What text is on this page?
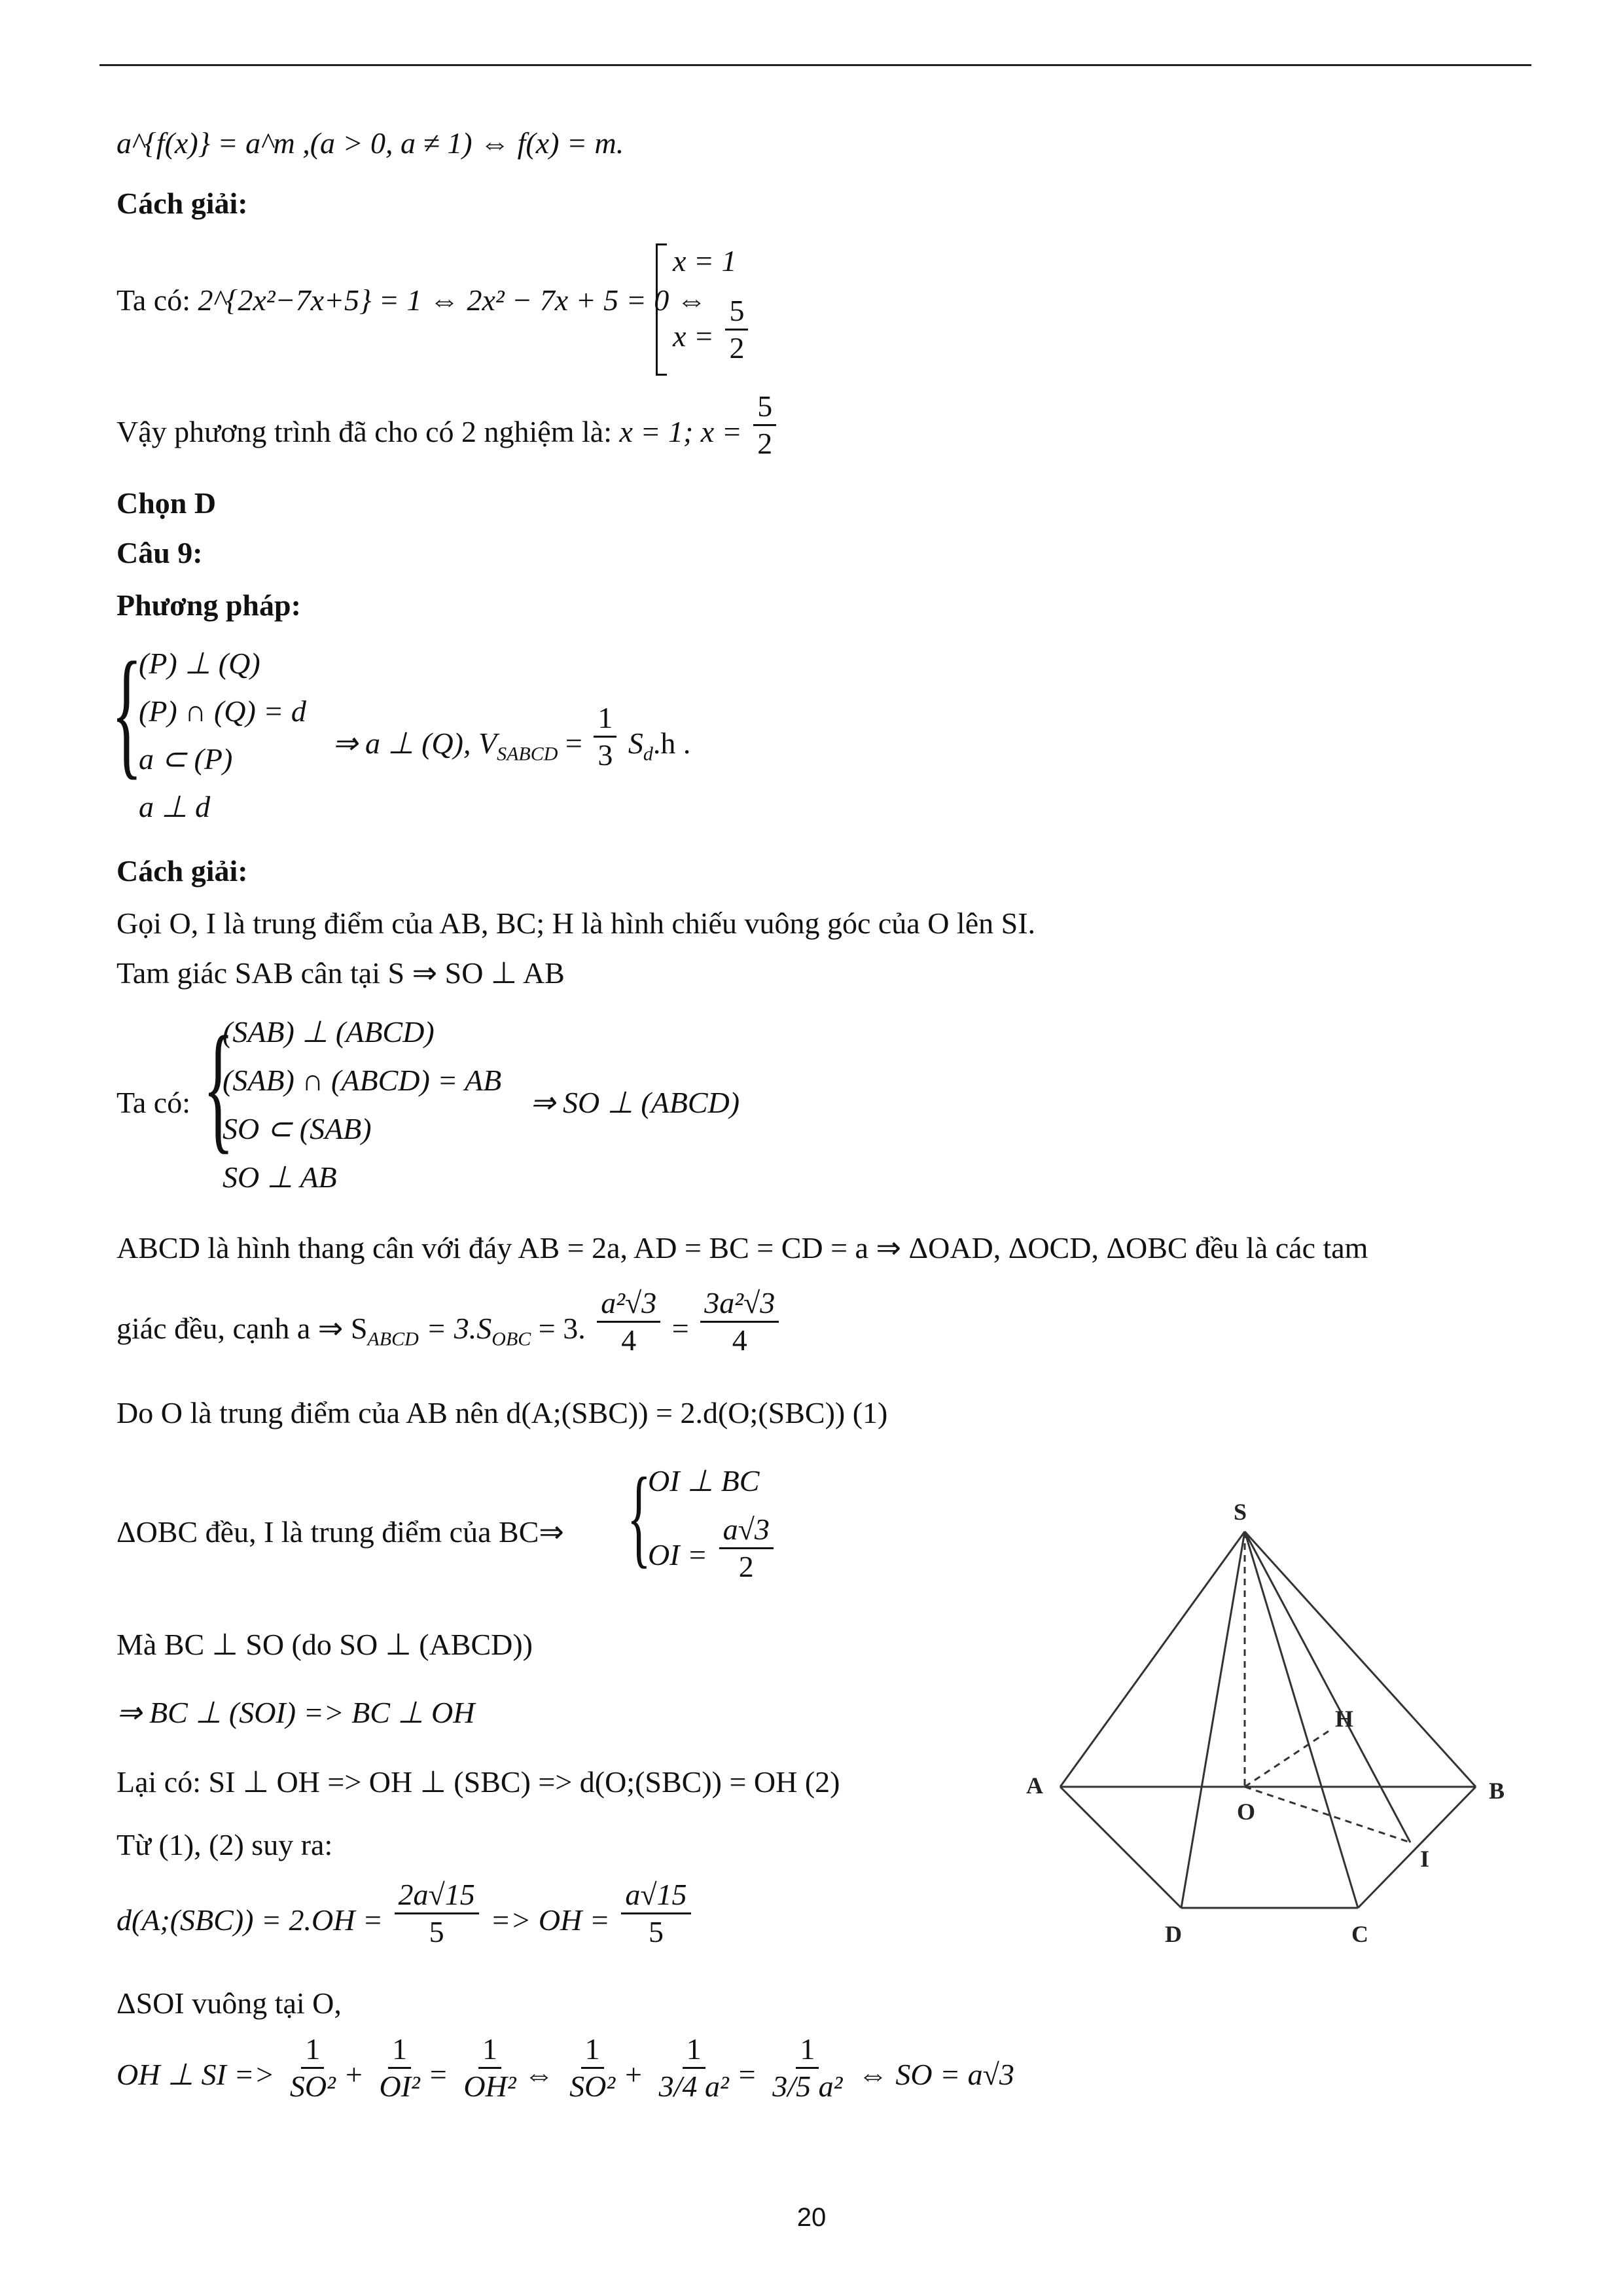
a^{f(x)} = a^m ,(a > 0, a ≠ 1) ⇔ f(x) = m.
Cách giải:
Ta có: 2^{2x²−7x+5} = 1 ⇔ 2x² − 7x + 5 = 0 ⇔
x = 1
$x = \frac{5}{2}$
Vậy phương trình đã cho có 2 nghiệm là: x = 1; $x = \frac{5}{2}$
Chọn D
Câu 9:
Phương pháp:
{
(P) ⊥ (Q)
(P) ∩ (Q) = d
a ⊂ (P)
a ⊥ d
⇒ a ⊥ (Q), $V_{SABCD} = \frac{1}{3} S_d.h$ .
Cách giải:
Gọi O, I là trung điểm của AB, BC; H là hình chiếu vuông góc của O lên SI.
Tam giác SAB cân tại S ⇒ SO ⊥ AB
Ta có: {
(SAB) ⊥ (ABCD)
(SAB) ∩ (ABCD) = AB
SO ⊂ (SAB)
SO ⊥ AB
⇒ SO ⊥ (ABCD)
ABCD là hình thang cân với đáy AB = 2a, AD = BC = CD = a ⇒ ΔOAD, ΔOCD, ΔOBC đều là các tam
giác đều, cạnh a ⇒ $S_{ABCD} = 3.S_{OBC} = 3$. $\frac{\text{a²√3}}{4} = \frac{\text{3a²√3}}{4}$
Do O là trung điểm của AB nên d(A;(SBC)) = 2.d(O;(SBC)) (1)
ΔOBC đều, I là trung điểm của BC⇒ {
OI ⊥ BC
OI = $\frac{a√3}{2}$
Mà BC ⊥ SO (do SO ⊥ (ABCD))
⇒ BC ⊥ (SOI) => BC ⊥ OH
Lại có: SI ⊥ OH => OH ⊥ (SBC) => d(O;(SBC)) = OH (2)
Từ (1), (2) suy ra:
d(A;(SBC)) = $2.OH = \frac{2a√15}{5}$ => OH = $\frac{a√15}{5}$
ΔSOI vuông tại O,
OH ⊥ SI => $\frac{1}{\text{SO²}} + \frac{1}{\text{OI²}} = \frac{1}{\text{OH²}}$ ⇔ $\frac{1}{\text{SO²}} + \frac{1}{\text{3/4 a²}} = \frac{1}{\text{3/5 a²}}$ ⇔ SO = a√3
S
H
A	B
O
I
D	C
20
